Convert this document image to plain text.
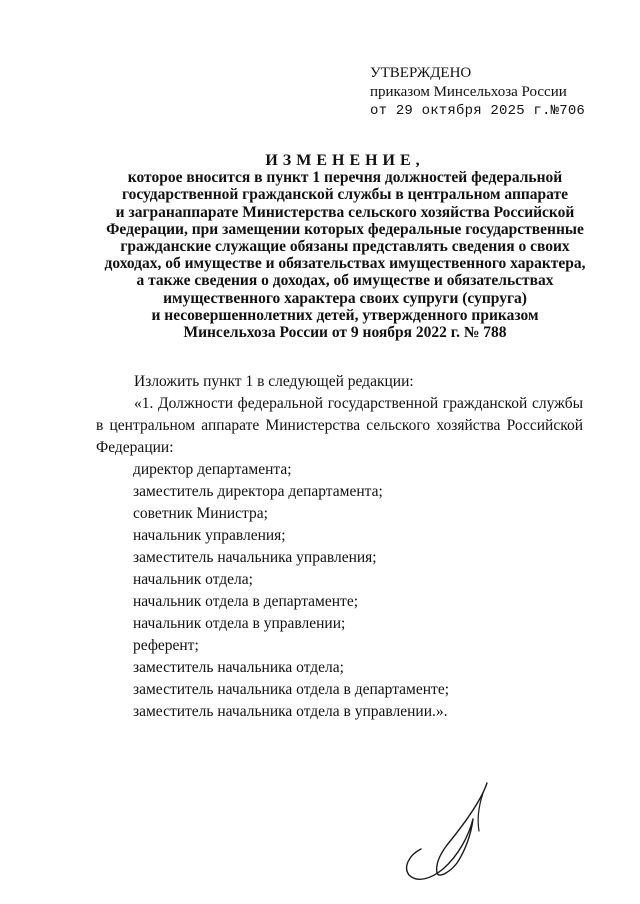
УТВЕРЖДЕНО
приказом Минсельхоза России
от 29 октября 2025 г.№706
ИЗМЕНЕНИЕ,
которое вносится в пункт 1 перечня должностей федеральной
государственной гражданской службы в центральном аппарате
и загранаппарате Министерства сельского хозяйства Российской
Федерации, при замещении которых федеральные государственные
гражданские служащие обязаны представлять сведения о своих
доходах, об имуществе и обязательствах имущественного характера,
а также сведения о доходах, об имуществе и обязательствах
имущественного характера своих супруги (супруга)
и несовершеннолетних детей, утвержденного приказом
Минсельхоза России от 9 ноября 2022 г. № 788
Изложить пункт 1 в следующей редакции:
«1. Должности федеральной государственной гражданской службы
в центральном аппарате Министерства сельского хозяйства Российской
Федерации:
директор департамента;
заместитель директора департамента;
советник Министра;
начальник управления;
заместитель начальника управления;
начальник отдела;
начальник отдела в департаменте;
начальник отдела в управлении;
референт;
заместитель начальника отдела;
заместитель начальника отдела в департаменте;
заместитель начальника отдела в управлении.».
